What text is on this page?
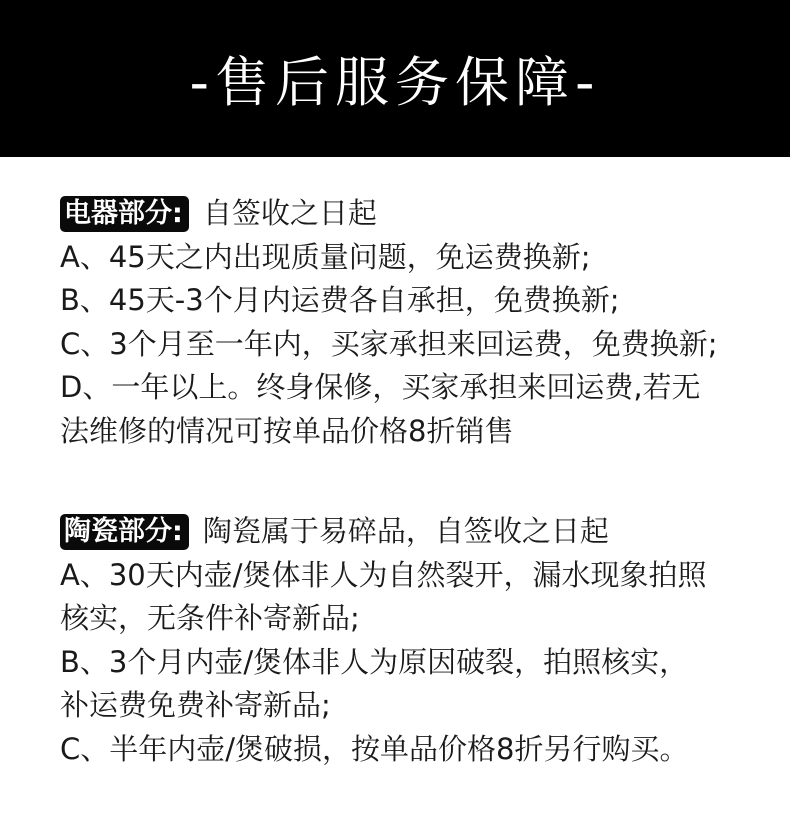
-售后服务保障-
电器部分: 自签收之日起
A、45天之内出现质量问题，免运费换新;
B、45天-3个月内运费各自承担，免费换新;
C、3个月至一年内，买家承担来回运费，免费换新;
D、一年以上。终身保修，买家承担来回运费,若无
法维修的情况可按单品价格8折销售
陶瓷部分: 陶瓷属于易碎品，自签收之日起
A、30天内壶/煲体非人为自然裂开，漏水现象拍照
核实，无条件补寄新品;
B、3个月内壶/煲体非人为原因破裂，拍照核实，
补运费免费补寄新品;
C、半年内壶/煲破损，按单品价格8折另行购买。
